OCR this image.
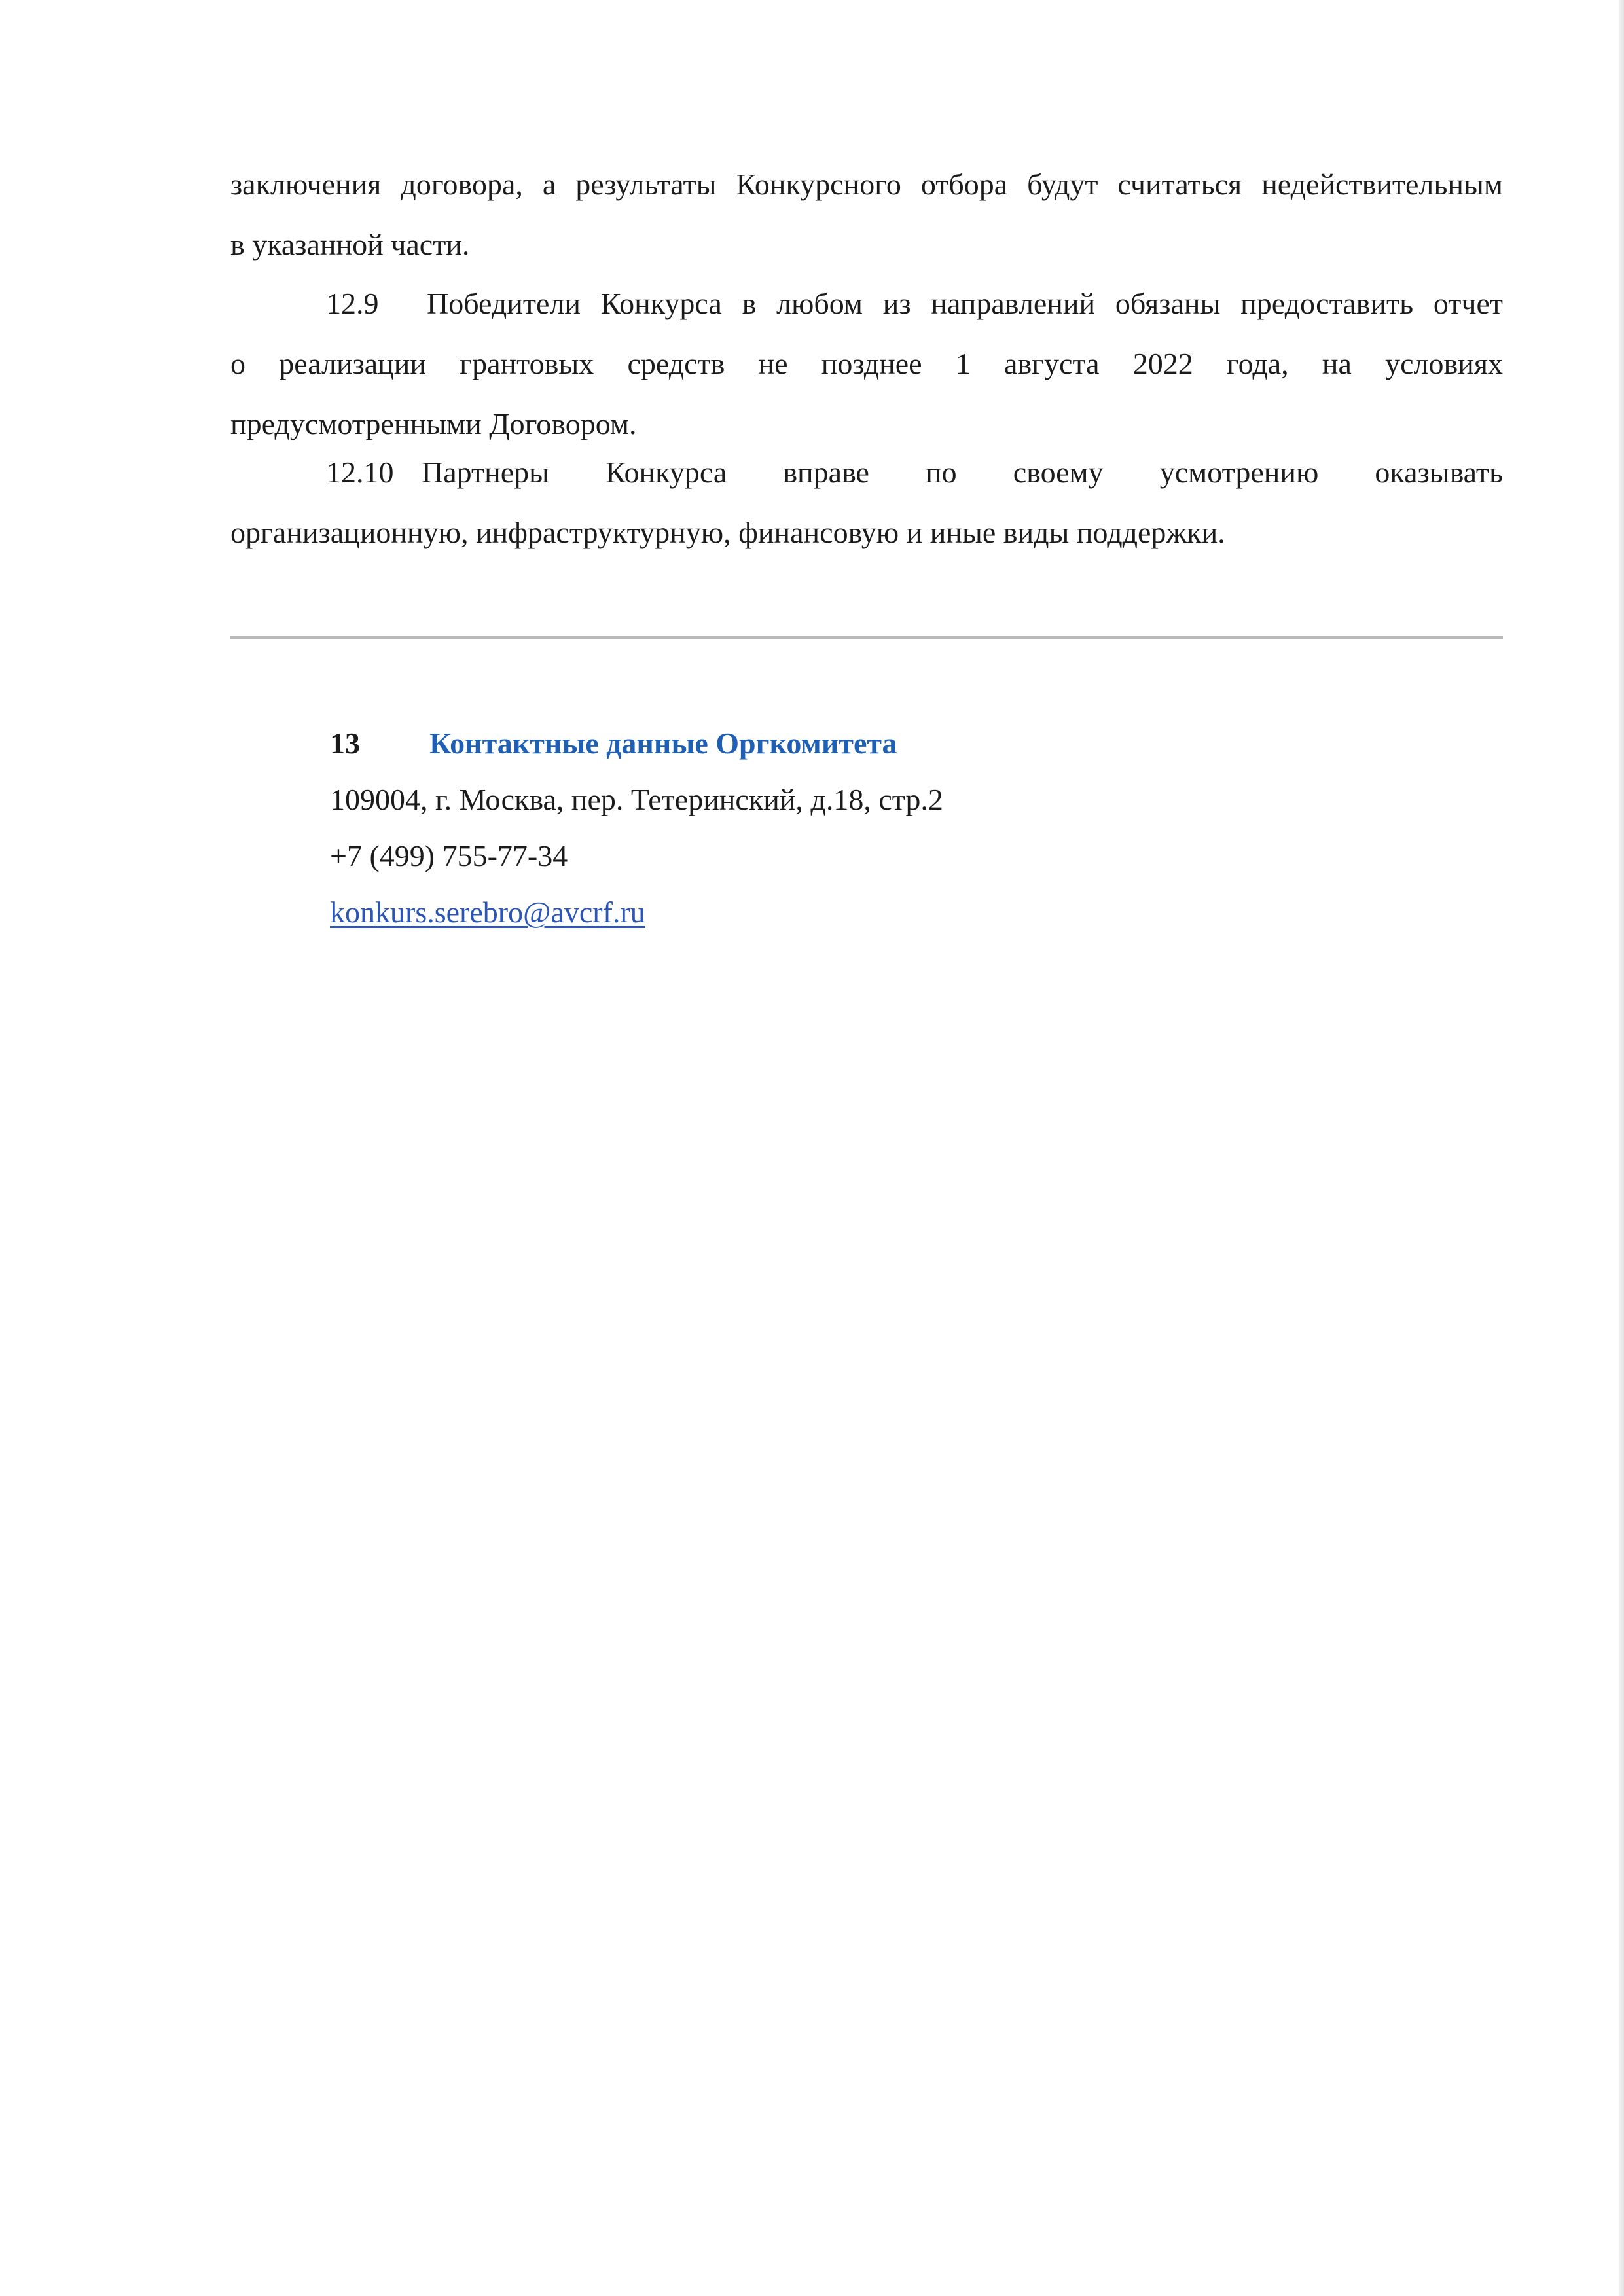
заключения договора, а результаты Конкурсного отбора будут считаться недействительным
в указанной части.
12.9 Победители Конкурса в любом из направлений обязаны предоставить отчет
о реализации грантовых средств не позднее 1 августа 2022 года, на условиях
предусмотренными Договором.
12.10 Партнеры Конкурса вправе по своему усмотрению оказывать
организационную, инфраструктурную, финансовую и иные виды поддержки.
13 Контактные данные Оргкомитета
109004, г. Москва, пер. Тетеринский, д.18, стр.2
+7 (499) 755-77-34
konkurs.serebro@avcrf.ru
